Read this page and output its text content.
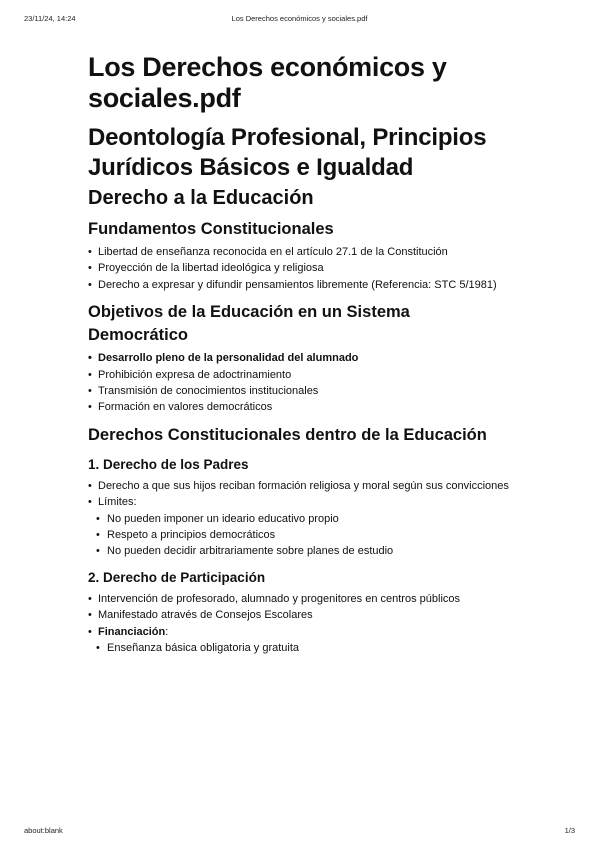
23/11/24, 14:24	Los Derechos económicos y sociales.pdf
Los Derechos económicos y sociales.pdf
Deontología Profesional, Principios Jurídicos Básicos e Igualdad
Derecho a la Educación
Fundamentos Constitucionales
• Libertad de enseñanza reconocida en el artículo 27.1 de la Constitución
• Proyección de la libertad ideológica y religiosa
• Derecho a expresar y difundir pensamientos libremente (Referencia: STC 5/1981)
Objetivos de la Educación en un Sistema Democrático
• Desarrollo pleno de la personalidad del alumnado
• Prohibición expresa de adoctrinamiento
• Transmisión de conocimientos institucionales
• Formación en valores democráticos
Derechos Constitucionales dentro de la Educación
1. Derecho de los Padres
• Derecho a que sus hijos reciban formación religiosa y moral según sus convicciones
• Límites:
• No pueden imponer un ideario educativo propio
• Respeto a principios democráticos
• No pueden decidir arbitrariamente sobre planes de estudio
2. Derecho de Participación
• Intervención de profesorado, alumnado y progenitores en centros públicos
• Manifestado através de Consejos Escolares
• Financiación:
• Enseñanza básica obligatoria y gratuita
about:blank	1/3
